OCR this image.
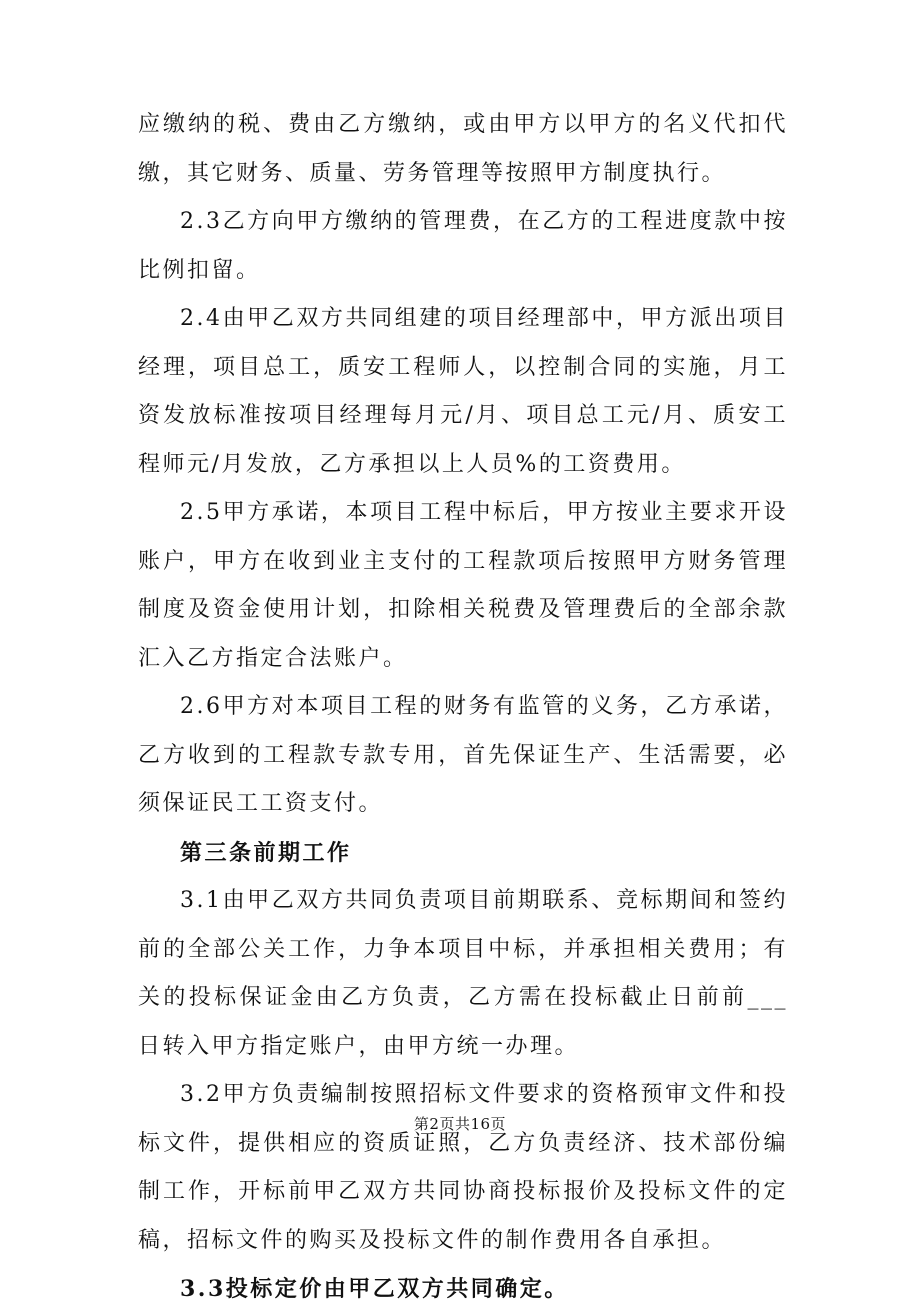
应缴纳的税、费由乙方缴纳，或由甲方以甲方的名义代扣代缴，其它财务、质量、劳务管理等按照甲方制度执行。

2.3乙方向甲方缴纳的管理费，在乙方的工程进度款中按比例扣留。

2.4由甲乙双方共同组建的项目经理部中，甲方派出项目经理，项目总工，质安工程师人，以控制合同的实施，月工资发放标准按项目经理每月元/月、项目总工元/月、质安工程师元/月发放，乙方承担以上人员%的工资费用。

2.5甲方承诺，本项目工程中标后，甲方按业主要求开设账户，甲方在收到业主支付的工程款项后按照甲方财务管理制度及资金使用计划，扣除相关税费及管理费后的全部余款汇入乙方指定合法账户。

2.6甲方对本项目工程的财务有监管的义务，乙方承诺，乙方收到的工程款专款专用，首先保证生产、生活需要，必须保证民工工资支付。

第三条前期工作

3.1由甲乙双方共同负责项目前期联系、竞标期间和签约前的全部公关工作，力争本项目中标，并承担相关费用；有关的投标保证金由乙方负责，乙方需在投标截止日前前___日转入甲方指定账户，由甲方统一办理。

3.2甲方负责编制按照招标文件要求的资格预审文件和投标文件，提供相应的资质证照，乙方负责经济、技术部份编制工作，开标前甲乙双方共同协商投标报价及投标文件的定稿，招标文件的购买及投标文件的制作费用各自承担。

3.3投标定价由甲乙双方共同确定。

第2页共16页
